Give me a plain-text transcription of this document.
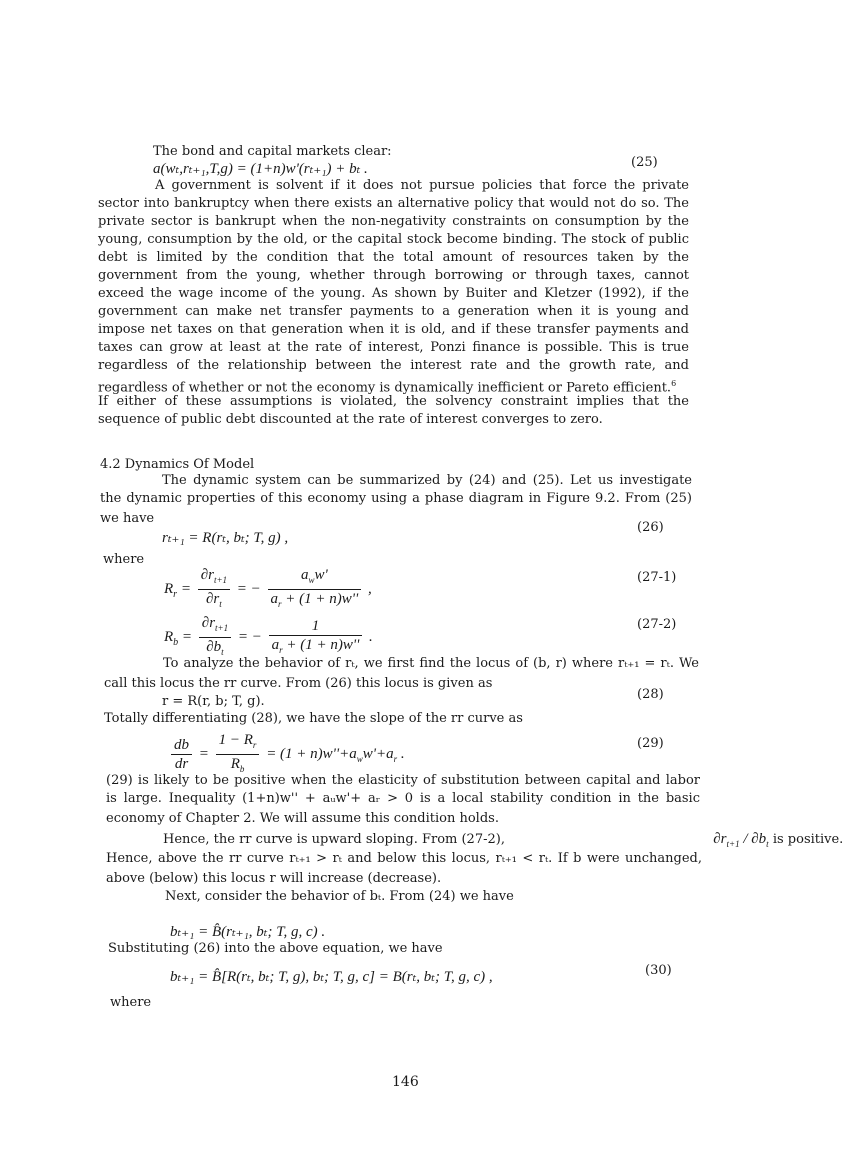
The bond and capital markets clear:
a(wₜ,rₜ₊₁,T,g) = (1+n)w'(rₜ₊₁) + bₜ .	(25)
A government is solvent if it does not pursue policies that force the private
sector into bankruptcy when there exists an alternative policy that would not do so. The
private sector is bankrupt when the non-negativity constraints on consumption by the
young, consumption by the old, or the capital stock become binding. The stock of public
debt is limited by the condition that the total amount of resources taken by the
government from the young, whether through borrowing or through taxes, cannot
exceed the wage income of the young. As shown by Buiter and Kletzer (1992), if the
government can make net transfer payments to a generation when it is young and
impose net taxes on that generation when it is old, and if these transfer payments and
taxes can grow at least at the rate of interest, Ponzi finance is possible. This is true
regardless of the relationship between the interest rate and the growth rate, and
regardless of whether or not the economy is dynamically inefficient or Pareto efficient.$^6$
If either of these assumptions is violated, the solvency constraint implies that the
sequence of public debt discounted at the rate of interest converges to zero.
4.2 Dynamics Of Model
The dynamic system can be summarized by (24) and (25). Let us investigate
the dynamic properties of this economy using a phase diagram in Figure 9.2. From (25)
we have
rₜ₊₁ = R(rₜ, bₜ; T, g) ,
(26)
where
$R_r = \frac{\partial r_{t+1}}{\partial r_t}$ = − $\frac{a_ww'}{a_r + (1 + n)w''}$ ,
(27-1)
$R_b = \frac{\partial r_{t+1}}{\partial b_t}$ = − $\frac{1}{a_r + (1 + n)w''}$ .
(27-2)
To analyze the behavior of rₜ, we first find the locus of (b, r) where rₜ₊₁ = rₜ. We
call this locus the rr curve. From (26) this locus is given as
r = R(r, b; T, g).	(28)
Totally differentiating (28), we have the slope of the rr curve as
$\frac{db}{dr} = \frac{1 - R_r}{R_b} = (1 + n)w''+a_ww'+a_r$ .
(29)
(29) is likely to be positive when the elasticity of substitution between capital and labor
is large. Inequality (1+n)w'' + aᵤw'+ aᵣ > 0 is a local stability condition in the basic
economy of Chapter 2. We will assume this condition holds.
Hence, the rr curve is upward sloping. From (27-2),	$\partial r_{t+1} / \partial b_t$ is positive.
Hence, above the rr curve rₜ₊₁ > rₜ and below this locus, rₜ₊₁ < rₜ. If b were unchanged,
above (below) this locus r will increase (decrease).
Next, consider the behavior of bₜ. From (24) we have
bₜ₊₁ = B̂(rₜ₊₁, bₜ; T, g, c) .
Substituting (26) into the above equation, we have
bₜ₊₁ = B̂[R(rₜ, bₜ; T, g), bₜ; T, g, c] = B(rₜ, bₜ; T, g, c) ,	(30)
where
146
